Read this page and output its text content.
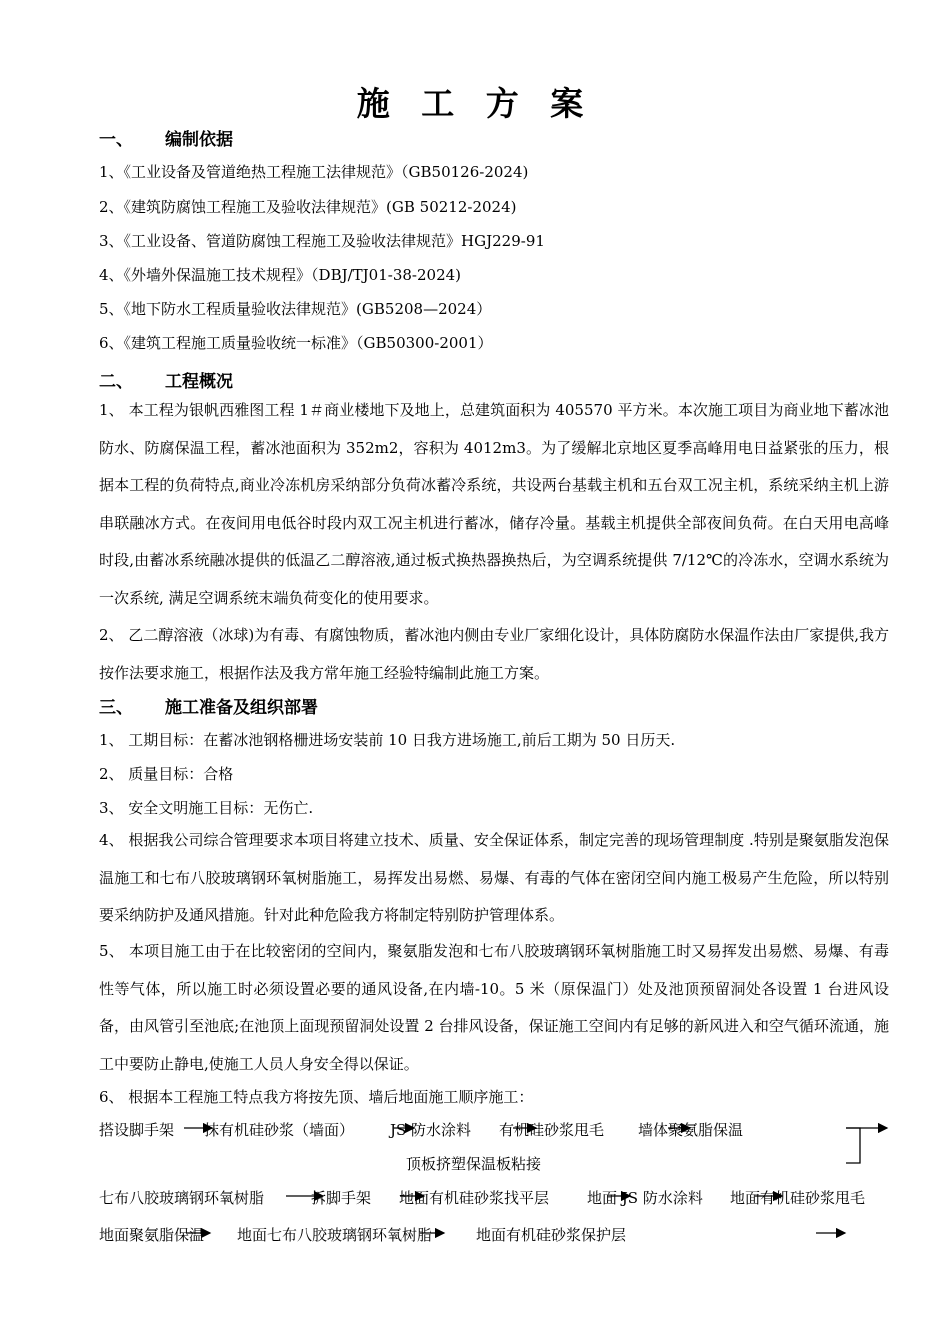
施 工 方 案
一、 编制依据
1、《工业设备及管道绝热工程施工法律规范》（GB50126-2024)
2、《建筑防腐蚀工程施工及验收法律规范》(GB 50212-2024)
3、《工业设备、管道防腐蚀工程施工及验收法律规范》HGJ229-91
4、《外墙外保温施工技术规程》（DBJ/TJ01-38-2024)
5、《地下防水工程质量验收法律规范》(GB5208—2024）
6、《建筑工程施工质量验收统一标准》（GB50300-2001）
二、 工程概况
1、 本工程为银帆西雅图工程 1＃商业楼地下及地上，总建筑面积为 405570 平方米。本次施工项目为商业地下蓄冰池防水、防腐保温工程，蓄冰池面积为 352m2，容积为 4012m3。为了缓解北京地区夏季高峰用电日益紧张的压力，根据本工程的负荷特点,商业冷冻机房采纳部分负荷冰蓄冷系统，共设两台基载主机和五台双工况主机，系统采纳主机上游串联融冰方式。在夜间用电低谷时段内双工况主机进行蓄冰，储存冷量。基载主机提供全部夜间负荷。在白天用电高峰时段,由蓄冰系统融冰提供的低温乙二醇溶液,通过板式换热器换热后，为空调系统提供 7/12℃的冷冻水，空调水系统为一次系统, 满足空调系统末端负荷变化的使用要求。
2、 乙二醇溶液（冰球)为有毒、有腐蚀物质，蓄冰池内侧由专业厂家细化设计，具体防腐防水保温作法由厂家提供,我方按作法要求施工，根据作法及我方常年施工经验特编制此施工方案。
三、 施工准备及组织部署
1、 工期目标：在蓄冰池钢格栅进场安装前 10 日我方进场施工,前后工期为 50 日历天.
2、 质量目标：合格
3、 安全文明施工目标：无伤亡.
4、 根据我公司综合管理要求本项目将建立技术、质量、安全保证体系，制定完善的现场管理制度 .特别是聚氨脂发泡保温施工和七布八胶玻璃钢环氧树脂施工，易挥发出易燃、易爆、有毒的气体在密闭空间内施工极易产生危险，所以特别要采纳防护及通风措施。针对此种危险我方将制定特别防护管理体系。
5、 本项目施工由于在比较密闭的空间内，聚氨脂发泡和七布八胶玻璃钢环氧树脂施工时又易挥发出易燃、易爆、有毒性等气体，所以施工时必须设置必要的通风设备,在内墙-10。5 米（原保温门）处及池顶预留洞处各设置 1 台进风设备，由风管引至池底;在池顶上面现预留洞处设置 2 台排风设备，保证施工空间内有足够的新风进入和空气循环流通，施工中要防止静电,使施工人员人身安全得以保证。
6、 根据本工程施工特点我方将按先顶、墙后地面施工顺序施工：
搭设脚手架 抹有机硅砂浆（墙面） JS 防水涂料 有机硅砂浆甩毛 墙体聚氨脂保温
顶板挤塑保温板粘接
七布八胶玻璃钢环氧树脂	拆脚手架 地面有机硅砂浆找平层	地面 JS 防水涂料 地面有机硅砂浆甩毛
地面聚氨脂保温 地面七布八胶玻璃钢环氧树脂	地面有机硅砂浆保护层
